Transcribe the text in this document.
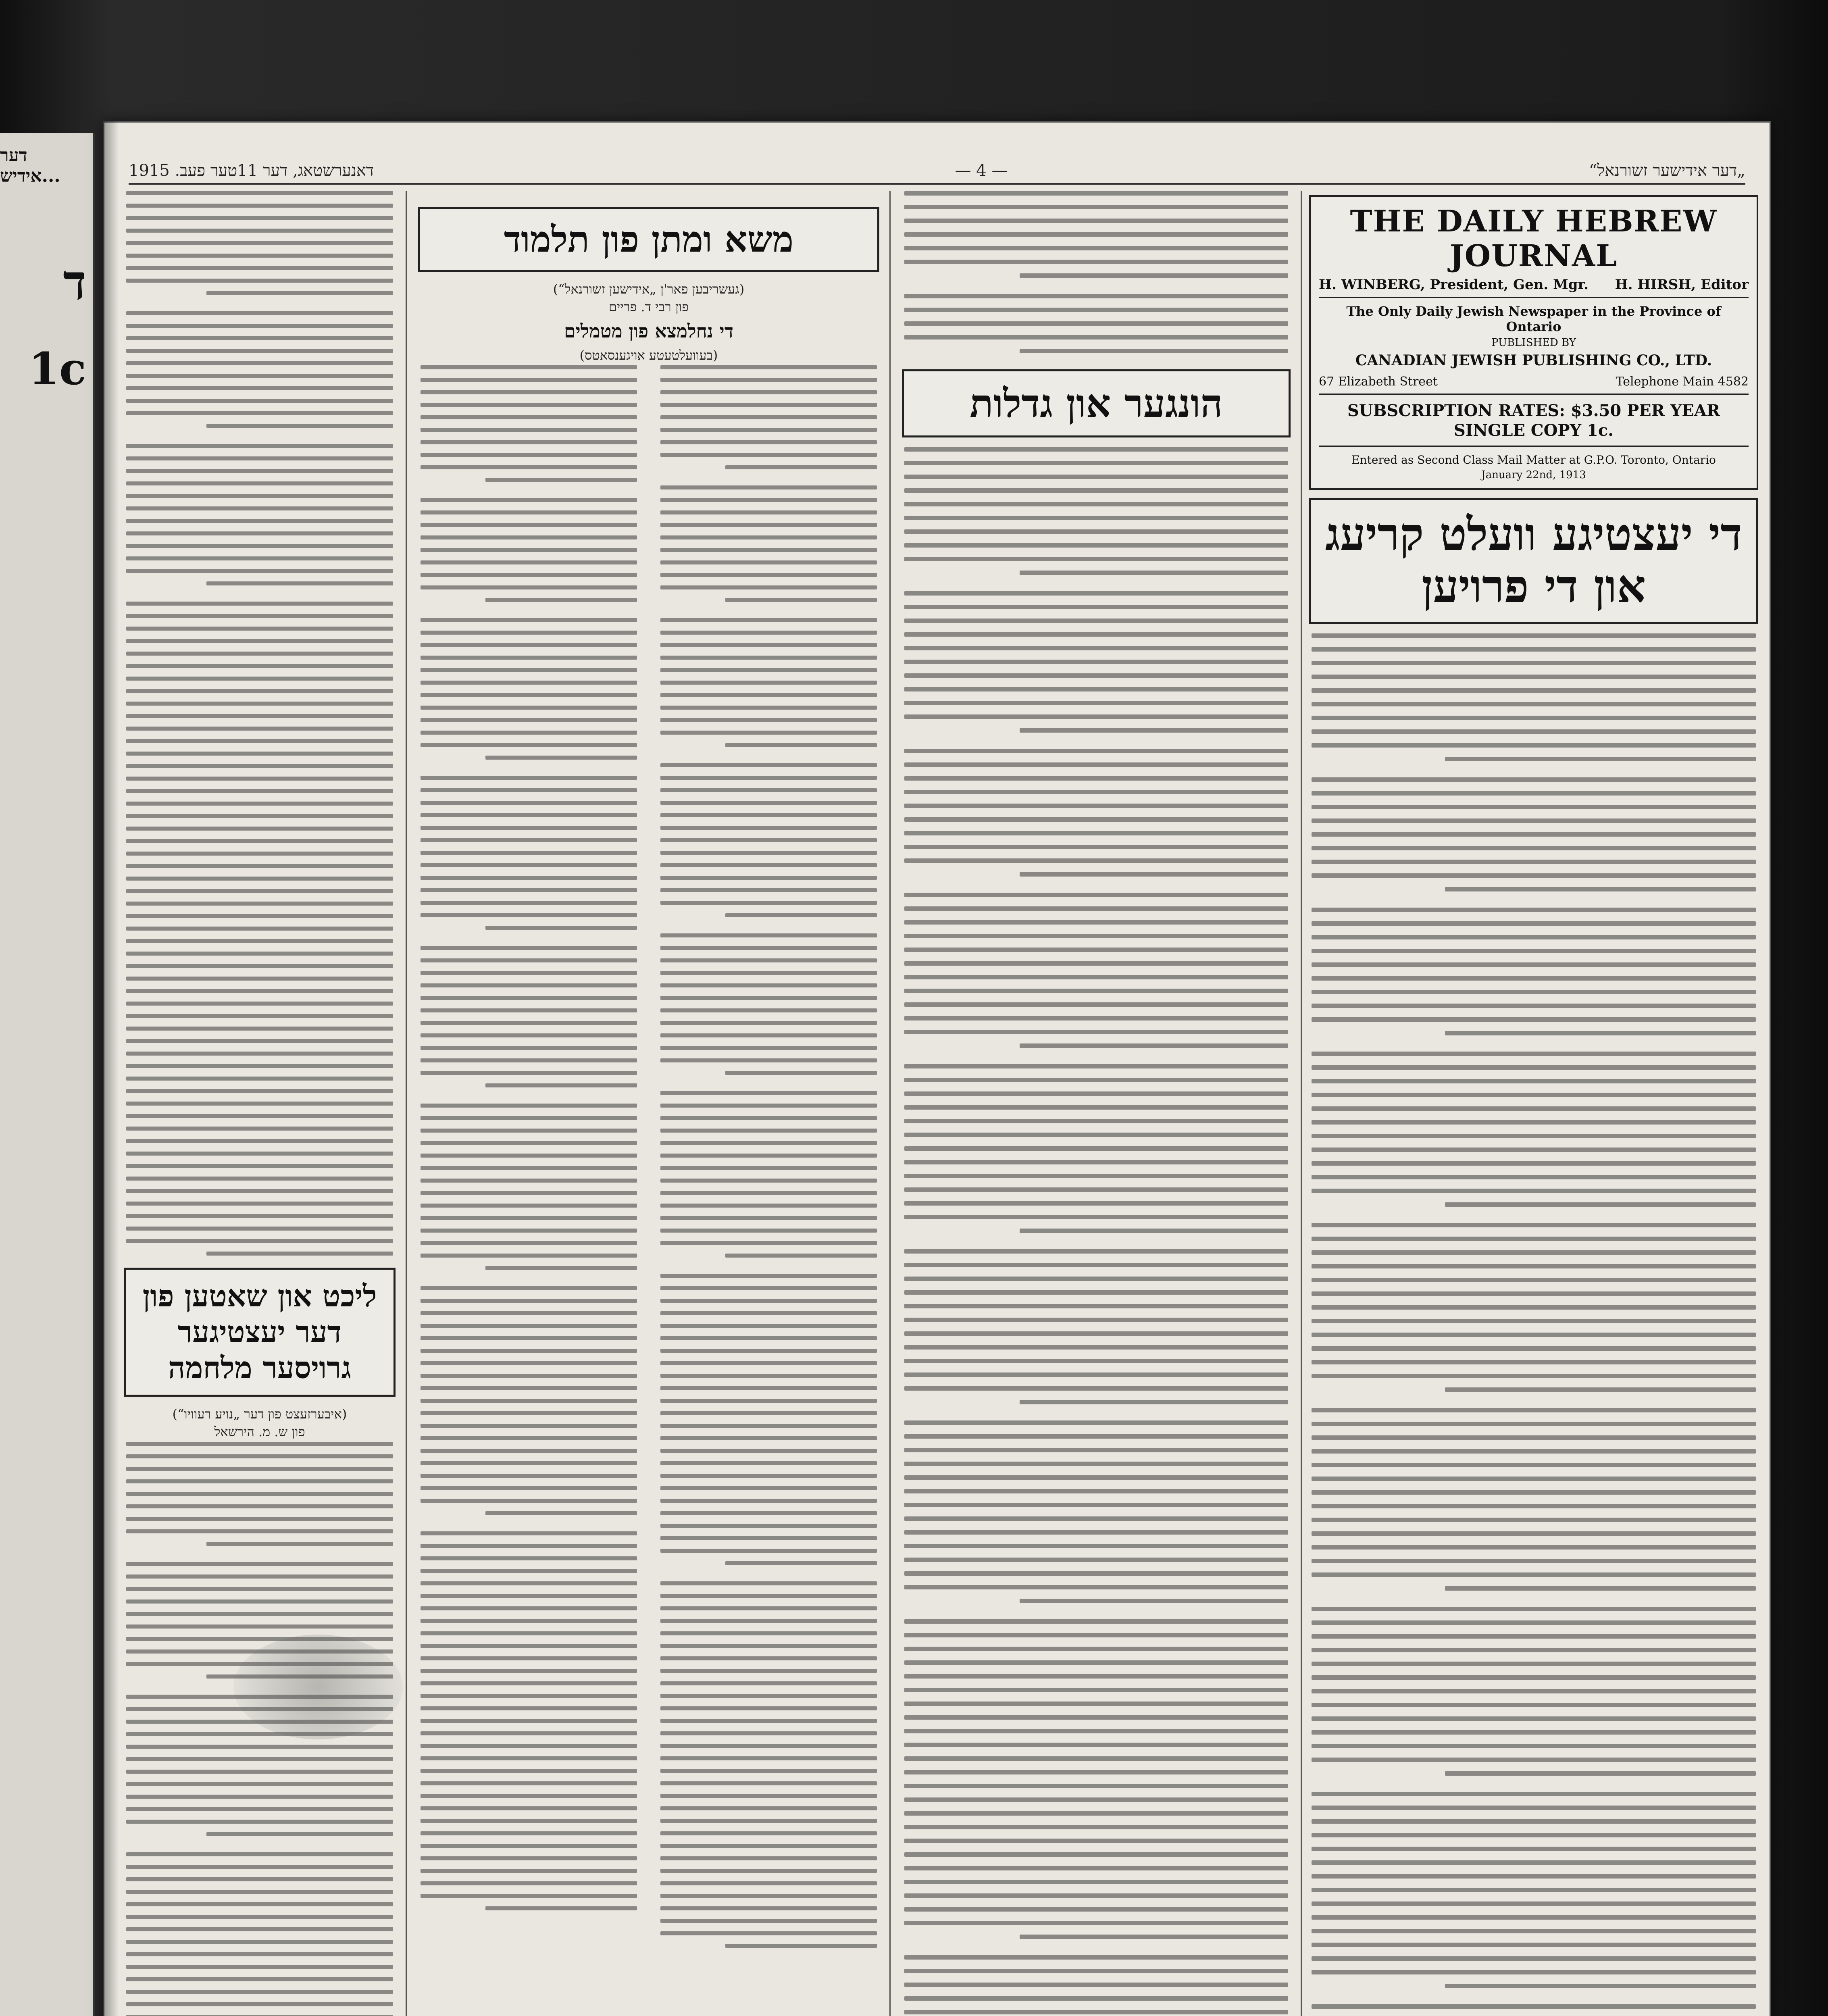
דער אידיש...
ד
1c
„דער אידישער זשורנאל“
— 4 —
דאנערשטאג, דער 11טער פעב. 1915
THE DAILY HEBREW JOURNAL
H. WINBERG, President, Gen. Mgr. H. HIRSH, Editor
The Only Daily Jewish Newspaper in the Province of Ontario
PUBLISHED BY
CANADIAN JEWISH PUBLISHING CO., LTD.
67 Elizabeth Street	Telephone Main 4582
SUBSCRIPTION RATES: $3.50 PER YEAR
SINGLE COPY 1c.
Entered as Second Class Mail Matter at G.P.O. Toronto, Ontario
January 22nd, 1913
די יעצטיגע וועלט קריעג און די פרויען
הונגער און גדלות
משא ומתן פון תלמוד
(געשריבען פאר'ן „אידישען זשורנאל“)
פון רבי ד. פריים
די נחלמצא פון מטמלים
(בעוועלטעטע אויגענסאטס)
ליכט און שאטען פון דער יעצטיגער גרויסער מלחמה
(איבערזעצט פון דער „נויע רעוויו“)
פון ש. מ. הירשאל
